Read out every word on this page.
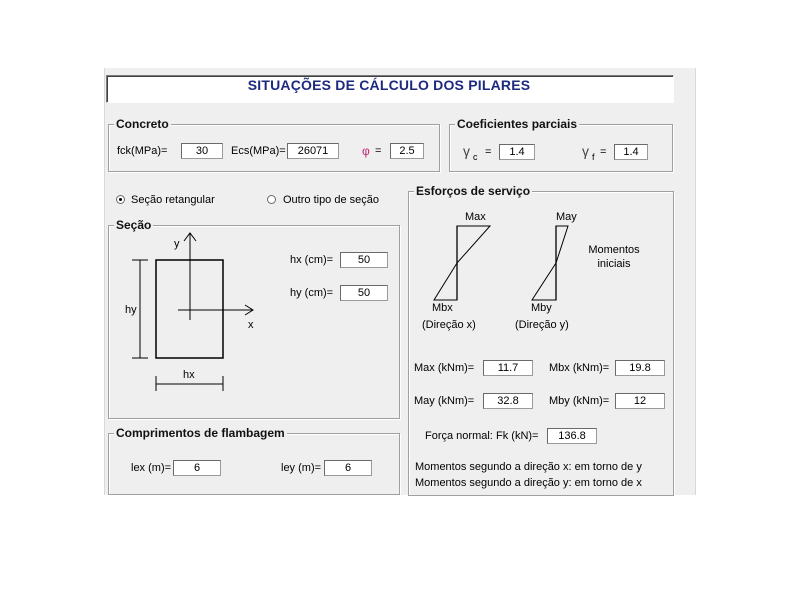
SITUAÇÕES DE CÁLCULO DOS PILARES
Concreto
fck(MPa)=
30	Ecs(MPa)=
26071	φ =
2.5
Coeficientes parciais
γ c =
1.4	γ f =
1.4
Seção retangular	Outro tipo de seção
Seção
y
x
hy
hx
hx (cm)=
50
hy (cm)=
50
Comprimentos de flambagem
lex (m)=
6	ley (m)=
6
Esforços de serviço
Max	May
Mbx	Mby
(Direção x)	(Direção y)
Momentos
iniciais
Max (kNm)=
11.7	Mbx (kNm)=
19.8
May (kNm)=
32.8	Mby (kNm)=
12
Força normal: Fk (kN)=
136.8
Momentos segundo a direção x: em torno de y
Momentos segundo a direção y: em torno de x
